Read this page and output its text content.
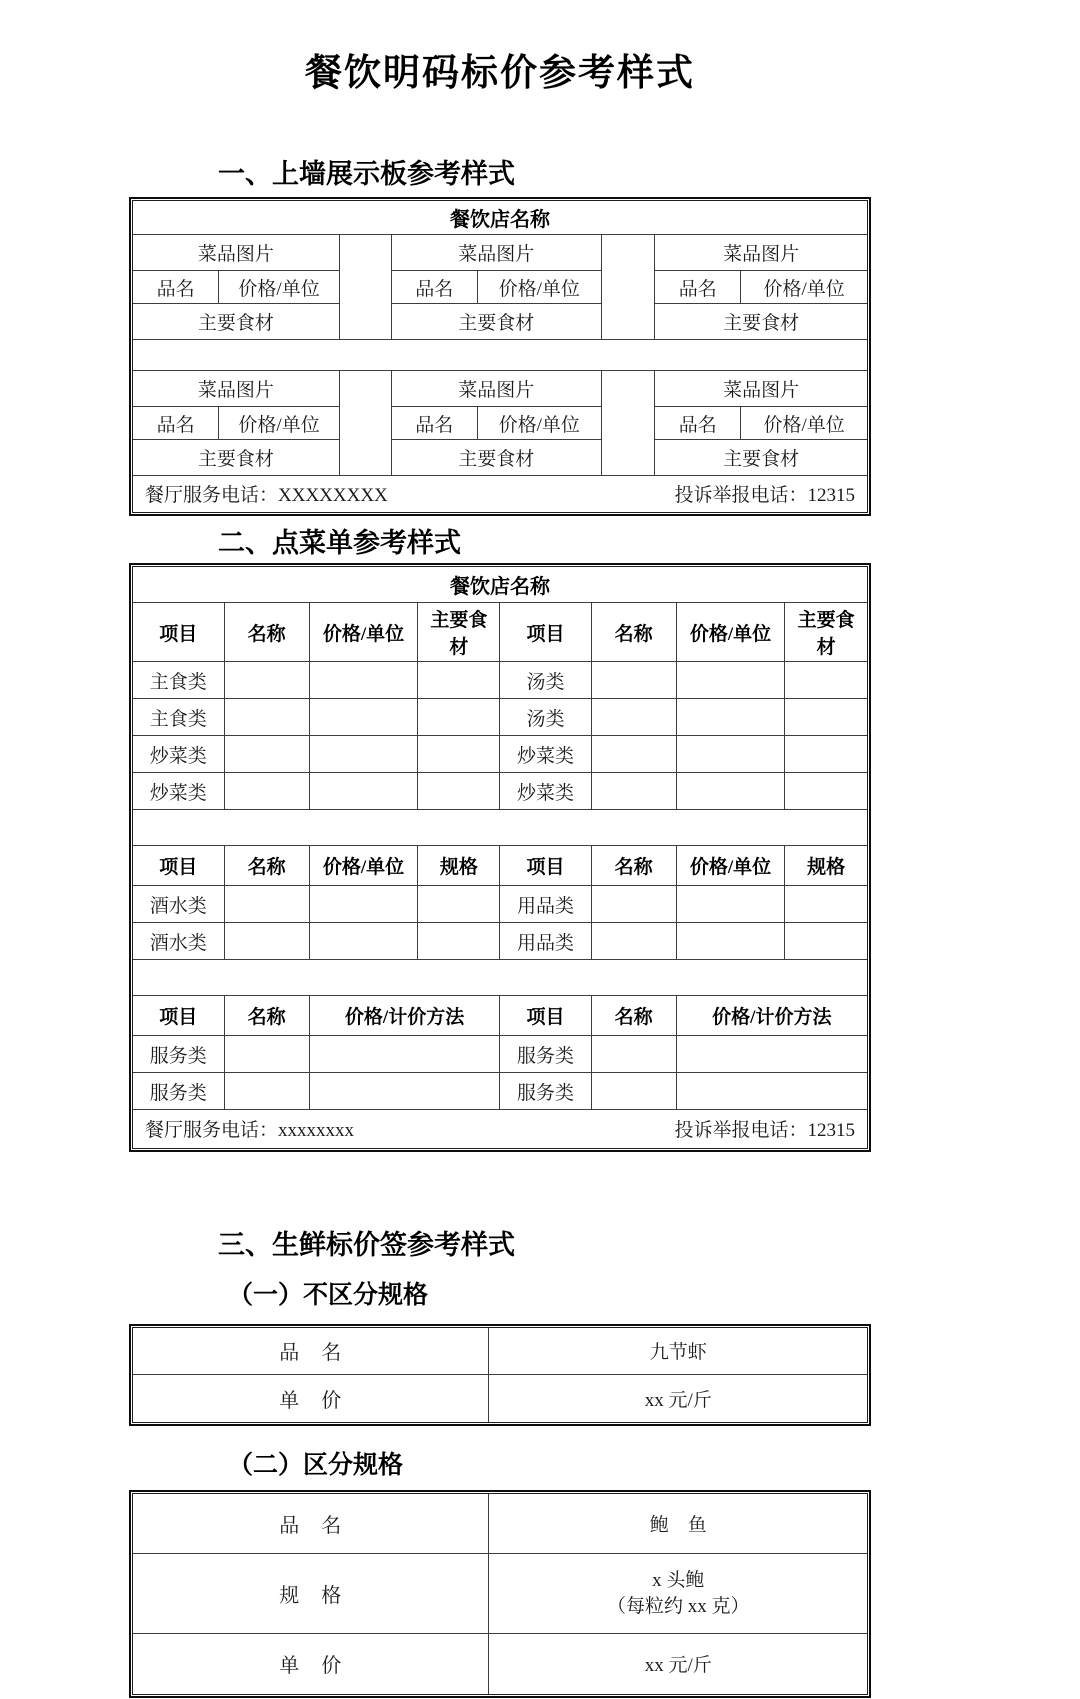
餐饮明码标价参考样式
一、上墙展示板参考样式
餐饮店名称							
菜品图片			菜品图片			菜品图片	
品名	价格/单位		品名	价格/单位		品名	价格/单位
主要食材			主要食材			主要食材	

菜品图片			菜品图片			菜品图片	
品名	价格/单位		品名	价格/单位		品名	价格/单位
主要食材			主要食材			主要食材	

餐厅服务电话：XXXXXXXX 投诉举报电话：12315							
二、点菜单参考样式
餐饮店名称							
项目	名称	价格/单位	主要食材	项目	名称	价格/单位	主要食材
主食类				汤类			
主食类				汤类			
炒菜类				炒菜类			
炒菜类				炒菜类			

项目	名称	价格/单位	规格	项目	名称	价格/单位	规格
酒水类				用品类			
酒水类				用品类			

项目	名称	价格/计价方法		项目	名称	价格/计价方法	
服务类				服务类			
服务类				服务类			

餐厅服务电话：xxxxxxxx 投诉举报电话：12315							
三、生鲜标价签参考样式
（一）不区分规格
品　名	九节虾
单　价	xx 元/斤
（二）区分规格
品　名	鲍　鱼
规　格	x 头鲍
（每粒约 xx 克）

单　价	xx 元/斤
